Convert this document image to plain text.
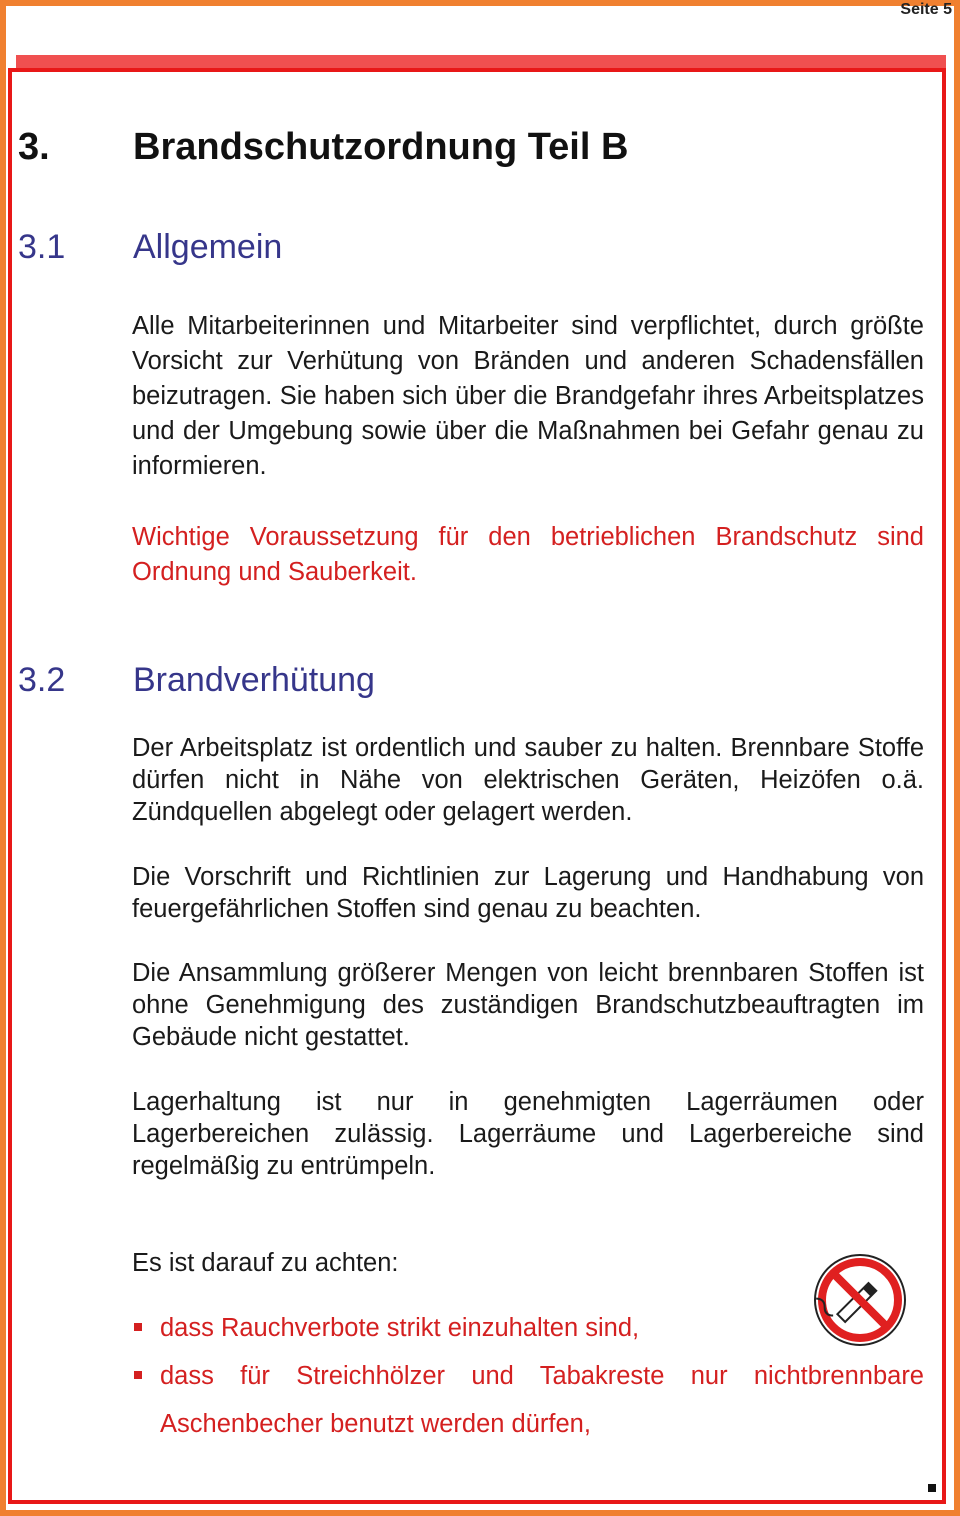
Seite 5
3. Brandschutzordnung Teil B
3.1 Allgemein
Alle Mitarbeiterinnen und Mitarbeiter sind verpflichtet, durch größte Vorsicht zur Verhütung von Bränden und anderen Schadensfällen beizutragen. Sie haben sich über die Brandgefahr ihres Arbeitsplatzes und der Umgebung sowie über die Maßnahmen bei Gefahr genau zu informieren.
Wichtige Voraussetzung für den betrieblichen Brandschutz sind Ordnung und Sauberkeit.
3.2 Brandverhütung
Der Arbeitsplatz ist ordentlich und sauber zu halten. Brennbare Stoffe dürfen nicht in Nähe von elektrischen Geräten, Heizöfen o.ä. Zündquellen abgelegt oder gelagert werden.
Die Vorschrift und Richtlinien zur Lagerung und Handhabung von feuergefährlichen Stoffen sind genau zu beachten.
Die Ansammlung größerer Mengen von leicht brennbaren Stoffen ist ohne Genehmigung des zuständigen Brandschutzbeauftragten im Gebäude nicht gestattet.
Lagerhaltung ist nur in genehmigten Lagerräumen oder Lagerbereichen zulässig. Lagerräume und Lagerbereiche sind regelmäßig zu entrümpeln.
Es ist darauf zu achten:
dass Rauchverbote strikt einzuhalten sind,
dass für Streichhölzer und Tabakreste nur nichtbrennbare Aschenbecher benutzt werden dürfen,
